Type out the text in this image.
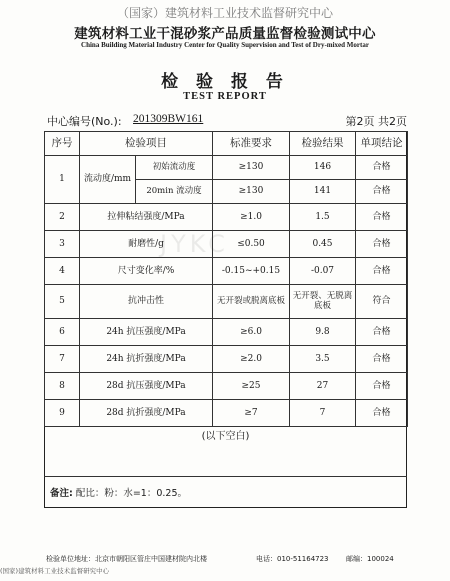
（国家）建筑材料工业技术监督研究中心
建筑材料工业干混砂浆产品质量监督检验测试中心
China Building Material Industry Center for Quality Supervision and Test of Dry-mixed Mortar
检 验 报 告
TEST REPORT
中心编号(No.): 201309BW161	第2页 共2页
JYKC
序号	检验项目		标准要求	检验结果	单项结论
1	流动度/mm	初始流动度	≥130	146	合格
		20min 流动度	≥130	141	合格
2	拉伸粘结强度/MPa		≥1.0	1.5	合格
3	耐磨性/g		≤0.50	0.45	合格
4	尺寸变化率/%		-0.15~+0.15	-0.07	合格
5	抗冲击性		无开裂或脱离底板	无开裂、无脱离底板	符合
6	24h 抗压强度/MPa		≥6.0	9.8	合格
7	24h 抗折强度/MPa		≥2.0	3.5	合格
8	28d 抗压强度/MPa		≥25	27	合格
9	28d 抗折强度/MPa		≥7	7	合格
(以下空白)
备注: 配比：粉：水=1：0.25。
检验单位地址：北京市朝阳区管庄中国建材院内北楼	电话：010-51164723 邮编：100024
(国家)建筑材料工业技术监督研究中心
